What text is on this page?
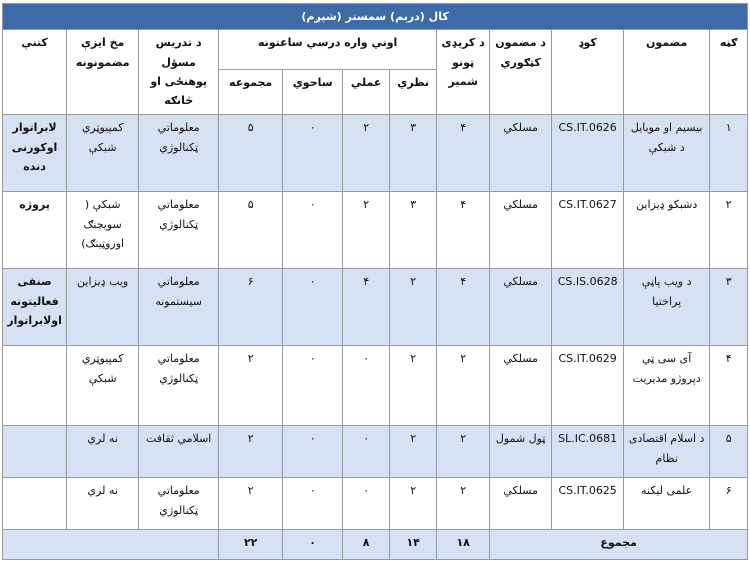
کال (درېم) سمستر (شپږم)											
ګڼه	مضمون	کوډ	د مضمون کټګوري	د کریډی ټونو شمیر	اوني واره درسي ساعتونه				د تدریس مسؤل پوهنځی او څانګه	مخ ایزې مضمونونه	کتنې
					نظري	عملي	ساحوي	مجموعه			
۱	بیسیم او موبایل د شبکې	CS.IT.0626	مسلکي	۴	۳	۲	۰	۵	معلوماتي ټکنالوژي	کمپیوټري شبکې	لابراتوار اوکورنی دنده
۲	دشبکو ډیزاین	CS.IT.0627	مسلکي	۴	۳	۲	۰	۵	معلوماتي ټکنالوژي	شبکې ( سویچنګ اوروټینګ)	پروژه
۳	د ویب پاڼې پراختیا	CS.IS.0628	مسلکي	۴	۲	۴	۰	۶	معلوماتي سیستمونه	ویب ډیزاین	صنفی فعالیتونه اولابراتوار
۴	آی سی ټي دپروژو مدیریت	CS.IT.0629	مسلکي	۲	۲	۰	۰	۲	معلوماتي ټکنالوژي	کمپیوټري شبکې	
۵	د اسلام اقتصادی نظام	SL.IC.0681	ټول شمول	۲	۲	۰	۰	۲	اسلامي ثقافت	نه لري	
۶	علمی لیکنه	CS.IT.0625	مسلکي	۲	۲	۰	۰	۲	معلوماتي ټکنالوژي	نه لري	
مجموع				۱۸	۱۴	۸	۰	۲۲			
